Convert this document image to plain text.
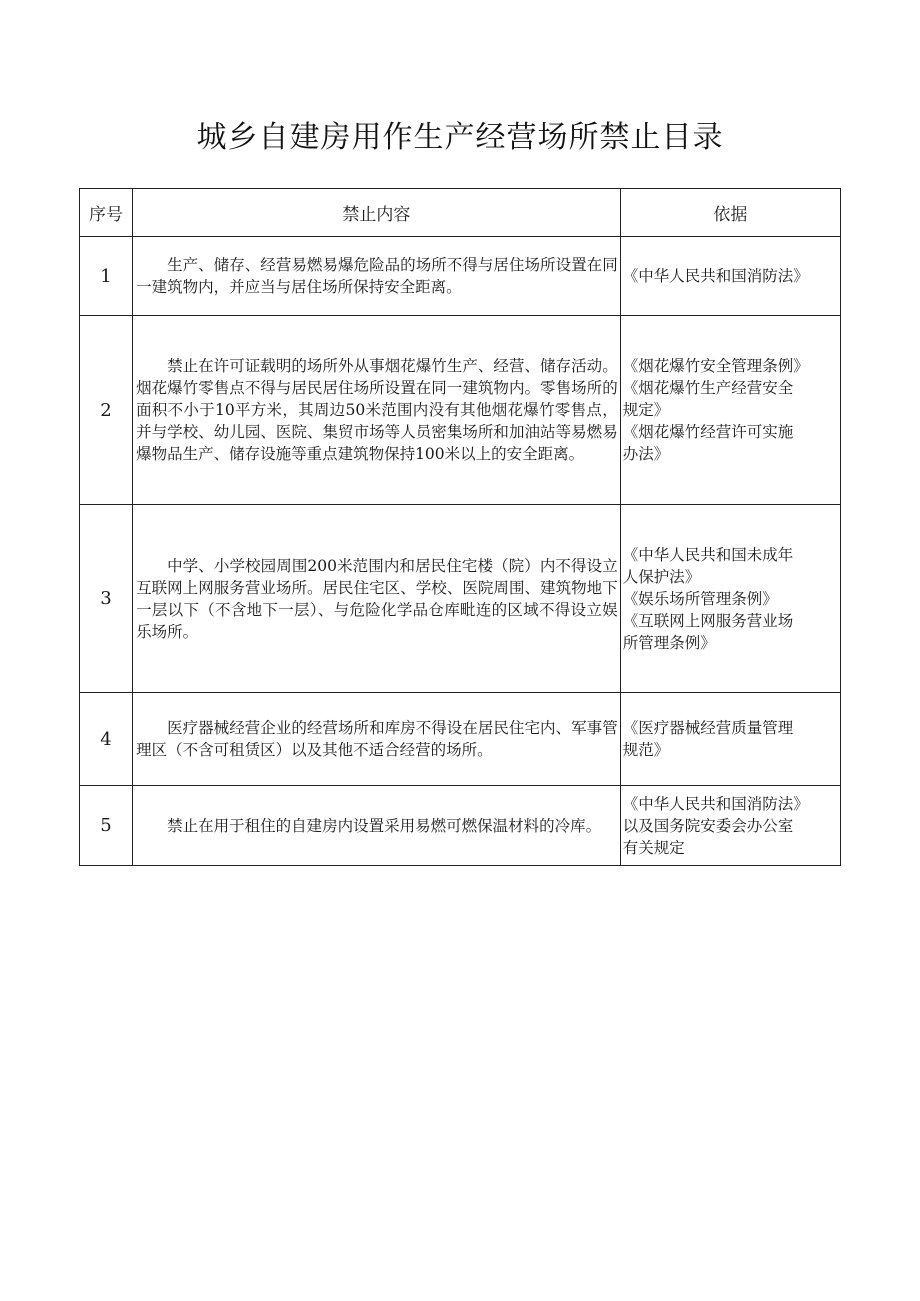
城乡自建房用作生产经营场所禁止目录
序号	禁止内容	依据
1	生产、储存、经营易燃易爆危险品的场所不得与居住场所设置在同一建筑物内，并应当与居住场所保持安全距离。	《中华人民共和国消防法》

2	禁止在许可证载明的场所外从事烟花爆竹生产、经营、储存活动。烟花爆竹零售点不得与居民居住场所设置在同一建筑物内。零售场所的面积不小于10平方米，其周边50米范围内没有其他烟花爆竹零售点，并与学校、幼儿园、医院、集贸市场等人员密集场所和加油站等易燃易爆物品生产、储存设施等重点建筑物保持100米以上的安全距离。	《烟花爆竹安全管理条例》
《烟花爆竹生产经营安全
规定》
《烟花爆竹经营许可实施
办法》

3	中学、小学校园周围200米范围内和居民住宅楼（院）内不得设立互联网上网服务营业场所。居民住宅区、学校、医院周围、建筑物地下一层以下（不含地下一层）、与危险化学品仓库毗连的区域不得设立娱乐场所。	《中华人民共和国未成年
人保护法》
《娱乐场所管理条例》
《互联网上网服务营业场
所管理条例》

4	医疗器械经营企业的经营场所和库房不得设在居民住宅内、军事管理区（不含可租赁区）以及其他不适合经营的场所。	《医疗器械经营质量管理
规范》

5	禁止在用于租住的自建房内设置采用易燃可燃保温材料的冷库。	《中华人民共和国消防法》
以及国务院安委会办公室
有关规定
